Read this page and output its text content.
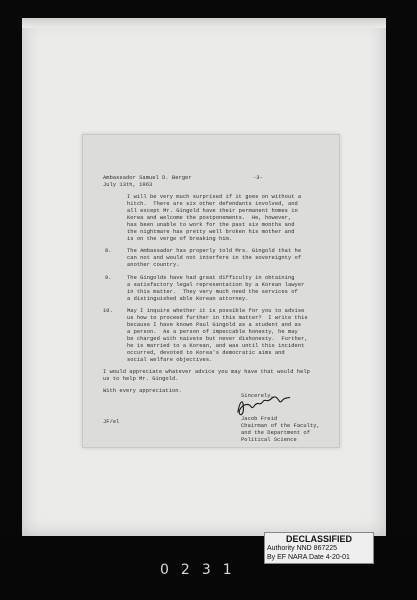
Ambassador Samuel D. Berger
July 13th, 1963
-3-
I will be very much surprised if it goes on without a
hitch.  There are six other defendants involved, and
all except Mr. Gingold have their permanent homes in
Korea and welcome the postponements.  He, however,
has been unable to work for the past six months and
the nightmare has pretty well broken his mother and
is on the verge of breaking him.
8.	The Ambassador has properly told Mrs. Gingold that he
can not and would not interfere in the sovereignty of
another country.
9.	The Gingolds have had great difficulty in obtaining
a satisfactory legal representation by a Korean lawyer
in this matter.  They very much need the services of
a distinguished able Korean attorney.
10.	May I inquire whether it is possible for you to advise
us how to proceed further in this matter?  I write this
because I have known Paul Gingold as a student and as
a person.  As a person of impeccable honesty, he may
be charged with naivete but never dishonesty.  Further,
he is married to a Korean, and was until this incident
occurred, devoted to Korea's democratic aims and
social welfare objectives.
I would appreciate whatever advice you may have that would help
us to help Mr. Gingold.
With every appreciation.
Sincerely,
Jacob Freid
Chairman of the Faculty,
and the Department of
Political Science
JF/el
0231
DECLASSIFIED
Authority NND 867225
By EF NARA Date 4-20-01
